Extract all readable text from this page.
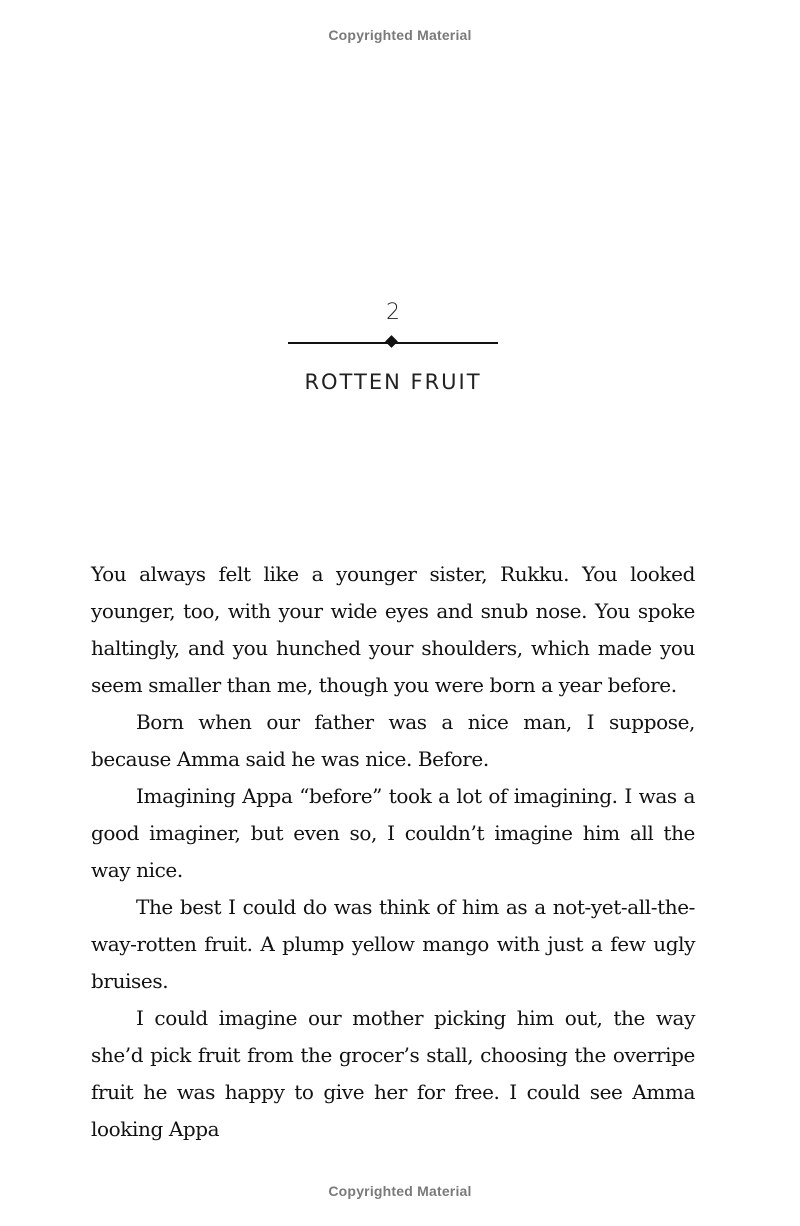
Copyrighted Material
2
ROTTEN FRUIT

You always felt like a younger sister, Rukku. You looked younger, too, with your wide eyes and snub nose. You spoke haltingly, and you hunched your shoulders, which made you seem smaller than me, though you were born a year before.

Born when our father was a nice man, I suppose, because Amma said he was nice. Before.

Imagining Appa “before” took a lot of imagining. I was a good imaginer, but even so, I couldn’t imagine him all the way nice.

The best I could do was think of him as a not-yet-all-the-way-rotten fruit. A plump yellow mango with just a few ugly bruises.

I could imagine our mother picking him out, the way she’d pick fruit from the grocer’s stall, choosing the overripe fruit he was happy to give her for free. I could see Amma looking Appa

Copyrighted Material
